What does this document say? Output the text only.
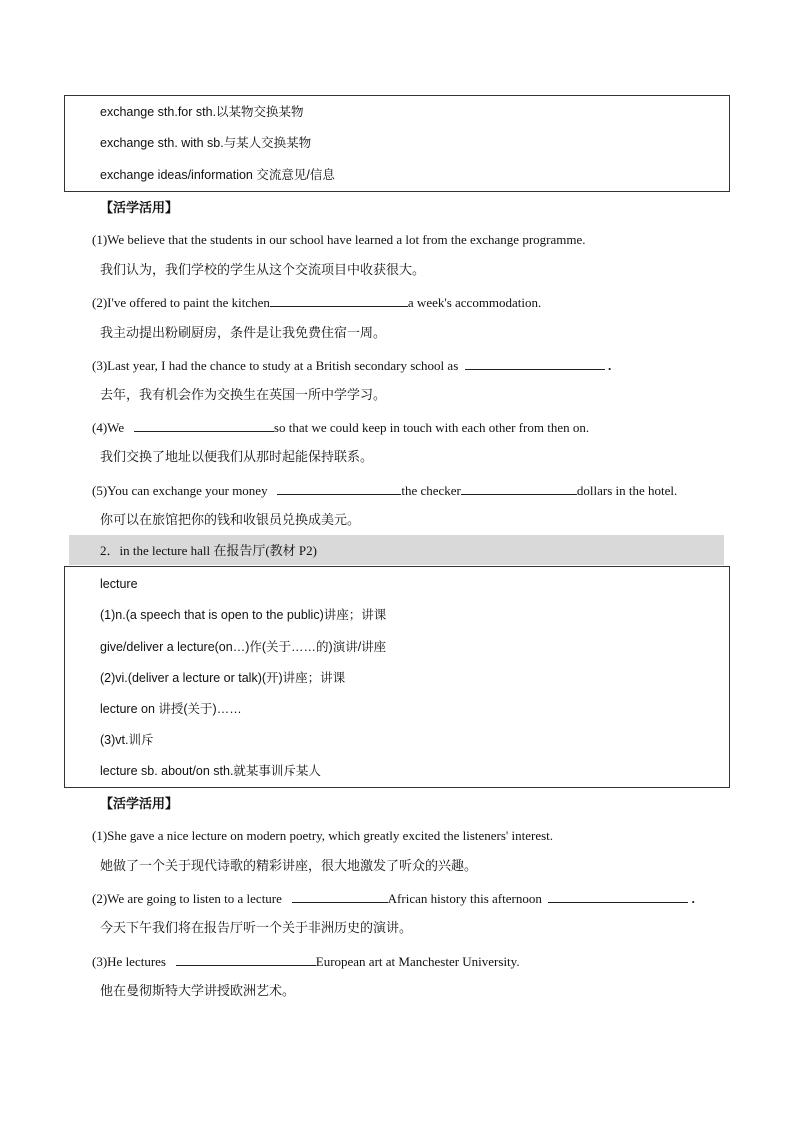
exchange sth.for sth.以某物交换某物
exchange sth. with sb.与某人交换某物
exchange ideas/information 交流意见/信息
【活学活用】
(1)We believe that the students in our school have learned a lot from the exchange programme.
我们认为，我们学校的学生从这个交流项目中收获很大。
(2)I've offered to paint the kitchen	a week's accommodation.
我主动提出粉刷厨房，条件是让我免费住宿一周。
(3)Last year, I had the chance to study at a British secondary school as	.
去年，我有机会作为交换生在英国一所中学学习。
(4)We	so that we could keep in touch with each other from then on.
我们交换了地址以便我们从那时起能保持联系。
(5)You can exchange your money	the checker	dollars in the hotel.
你可以在旅馆把你的钱和收银员兑换成美元。
2．in the lecture hall 在报告厅(教材 P2)
lecture
(1)n.(a speech that is open to the public)讲座；讲课
give/deliver a lecture(on…)作(关于……的)演讲/讲座
(2)vi.(deliver a lecture or talk)(开)讲座；讲课
lecture on 讲授(关于)……
(3)vt.训斥
lecture sb. about/on sth.就某事训斥某人
【活学活用】
(1)She gave a nice lecture on modern poetry, which greatly excited the listeners' interest.
她做了一个关于现代诗歌的精彩讲座，很大地激发了听众的兴趣。
(2)We are going to listen to a lecture	African history this afternoon	.
今天下午我们将在报告厅听一个关于非洲历史的演讲。
(3)He lectures	European art at Manchester University.
他在曼彻斯特大学讲授欧洲艺术。
